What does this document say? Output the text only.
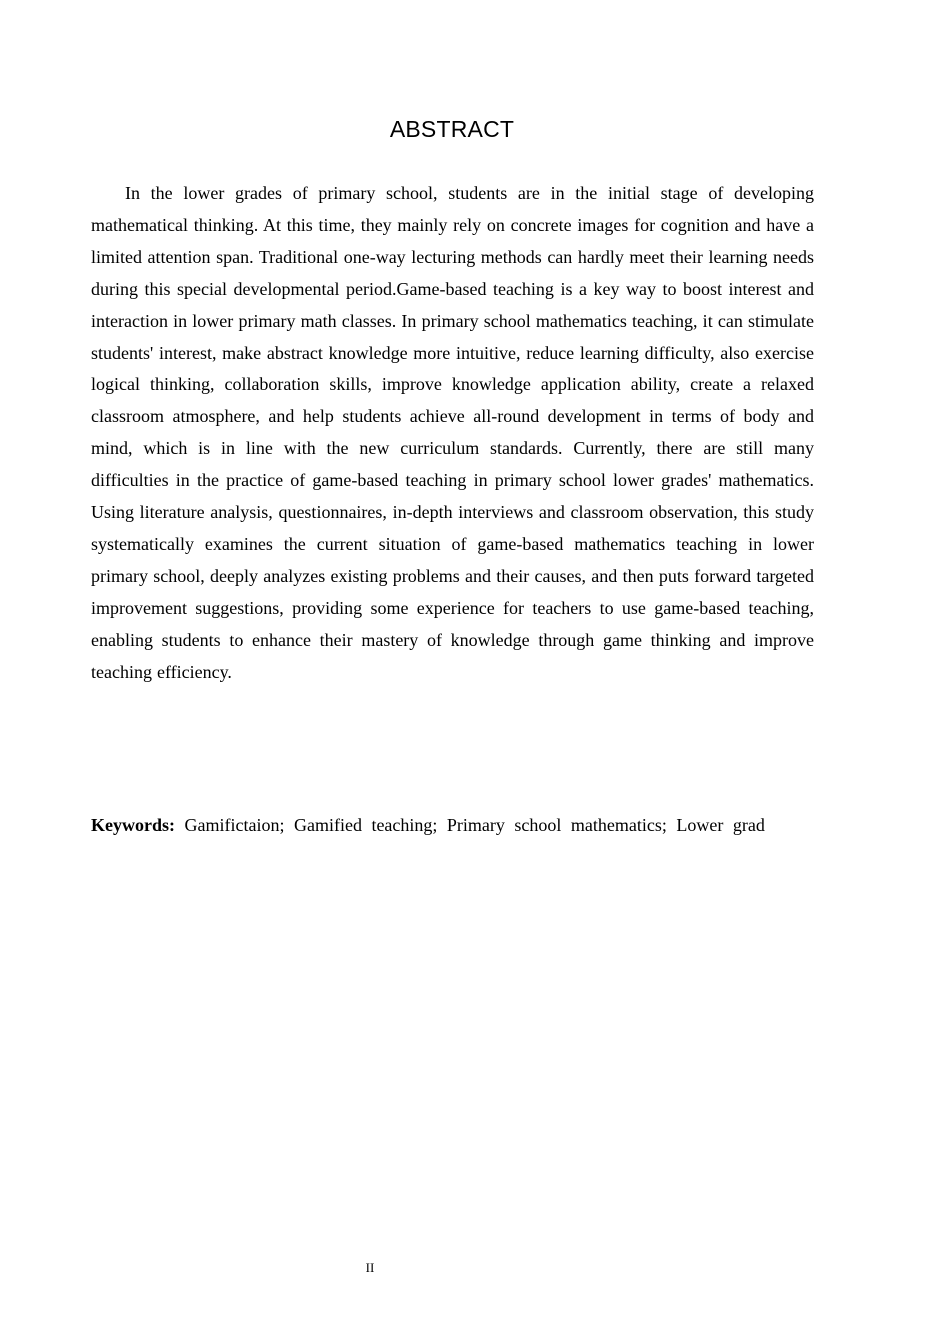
ABSTRACT

In the lower grades of primary school, students are in the initial stage of developing mathematical thinking. At this time, they mainly rely on concrete images for cognition and have a limited attention span. Traditional one-way lecturing methods can hardly meet their learning needs during this special developmental period.Game-based teaching is a key way to boost interest and interaction in lower primary math classes. In primary school mathematics teaching, it can stimulate students' interest, make abstract knowledge more intuitive, reduce learning difficulty, also exercise logical thinking, collaboration skills, improve knowledge application ability, create a relaxed classroom atmosphere, and help students achieve all-round development in terms of body and mind, which is in line with the new curriculum standards. Currently, there are still many difficulties in the practice of game-based teaching in primary school lower grades' mathematics. Using literature analysis, questionnaires, in-depth interviews and classroom observation, this study systematically examines the current situation of game-based mathematics teaching in lower primary school, deeply analyzes existing problems and their causes, and then puts forward targeted improvement suggestions, providing some experience for teachers to use game-based teaching, enabling students to enhance their mastery of knowledge through game thinking and improve teaching efficiency.

Keywords: Gamifictaion; Gamified teaching; Primary school mathematics; Lower grad

II
